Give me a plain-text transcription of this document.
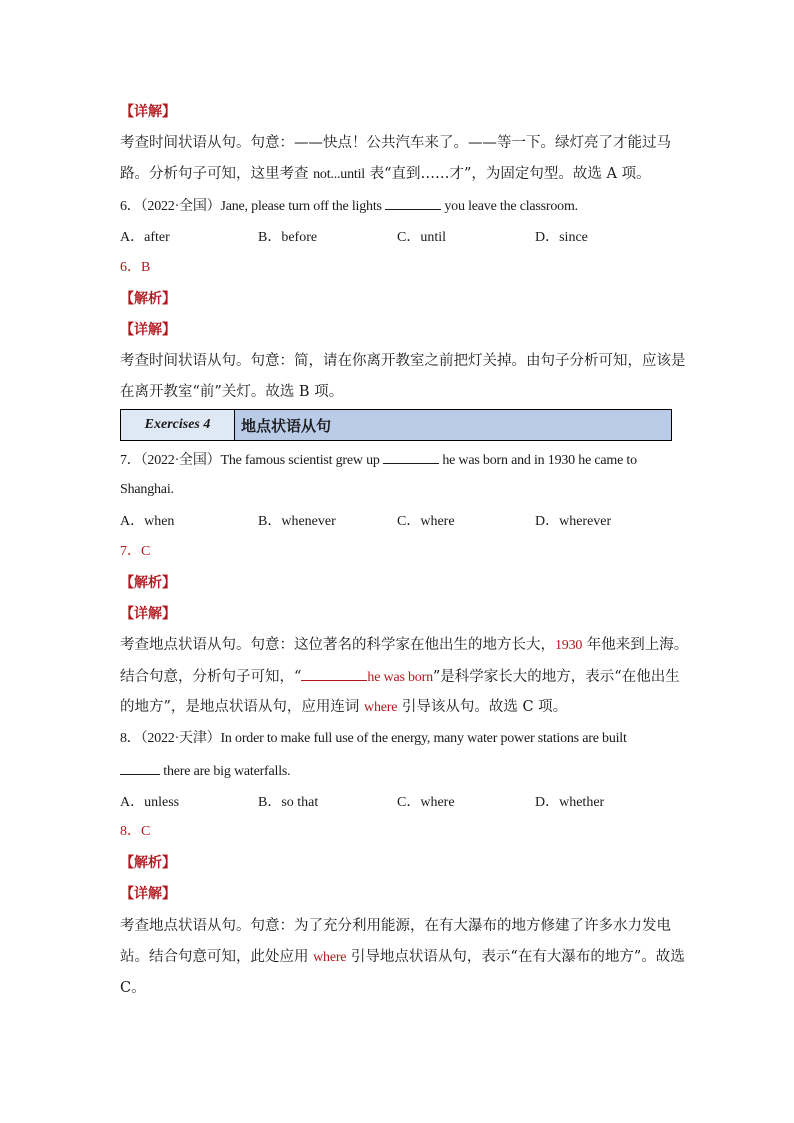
【详解】
考查时间状语从句。句意：——快点！公共汽车来了。——等一下。绿灯亮了才能过马
路。分析句子可知，这里考查 not...until 表“直到……才”，为固定句型。故选 A 项。
6．（2022·全国）Jane, please turn off the lights	you leave the classroom.
A．after	B．before	C．until	D．since
6．B
【解析】
【详解】
考查时间状语从句。句意：简，请在你离开教室之前把灯关掉。由句子分析可知，应该是
在离开教室“前”关灯。故选 B 项。
Exercises 4	地点状语从句
7．（2022·全国）The famous scientist grew up	he was born and in 1930 he came to
Shanghai.
A．when	B．whenever	C．where	D．wherever
7．C
【解析】
【详解】
考查地点状语从句。句意：这位著名的科学家在他出生的地方长大，1930 年他来到上海。
结合句意，分析句子可知，“	he was born”是科学家长大的地方，表示“在他出生
的地方”，是地点状语从句，应用连词 where 引导该从句。故选 C 项。
8．（2022·天津）In order to make full use of the energy, many water power stations are built
there are big waterfalls.
A．unless	B．so that	C．where	D．whether
8．C
【解析】
【详解】
考查地点状语从句。句意：为了充分利用能源，在有大瀑布的地方修建了许多水力发电
站。结合句意可知，此处应用 where 引导地点状语从句，表示“在有大瀑布的地方”。故选
C。
